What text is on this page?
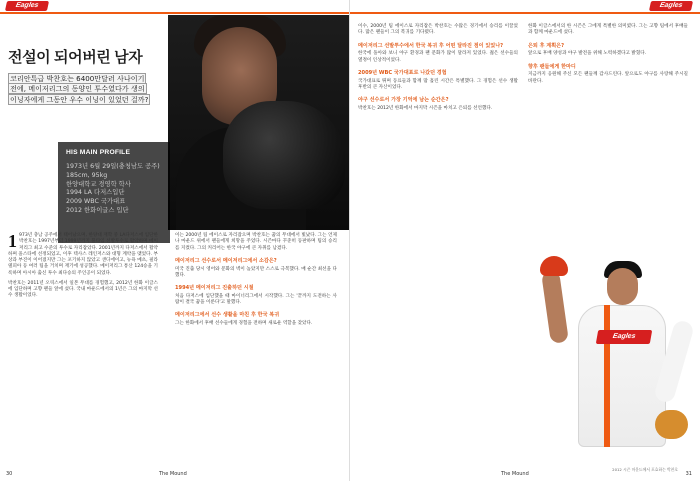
Eagles
전설이 되어버린 남자
코리안특급 박찬호는 6400만달러 사나이기
전에, 메이저리그의 동양인 투수였다가 생의
이닝자에게 그동안 우수 이닝이 있었던 걸까?
HIS MAIN PROFILE
1973년 6월 29일(충청남도 공주)
185cm, 95kg
한양대학교 경영학 학사
1994 LA 다저스입단
2009 WBC 국가대표
2012 한화이글스 입단

1 973년 충남 공주에서 태어났으며, 한양대 재학 중 LA다저스에 입단한 박찬호는 1997년부터 1999년까지 풀타임 선발투수로 활약하며 메이저리그 최고 수준의 투수로 자리잡았다. 2001년까지 다저스에서 활약하며 올스타에 선정되었고, 이후 텍사스 레인저스와 대형 계약을 맺었다. 부상과 부진이 이어졌지만 그는 포기하지 않았고 샌디에이고, 뉴욕 메츠, 필라델피아 등 여러 팀을 거치며 재기에 성공했다. 메이저리그 통산 124승을 기록하며 아시아 출신 투수 최다승의 주인공이 되었다.

박찬호는 2011년 오릭스에서 일본 무대를 경험했고, 2012년 한화 이글스에 입단하며 고향 팬들 앞에 섰다. 국내 마운드에서의 1년은 그의 마지막 선수 생활이었다.

이는 2000년 팀 에이스로 자리잡으며 박찬호는 꿈의 무대에서 빛났다. 그는 언제나 마운드 위에서 팬들에게 희망을 주었다. 시즌마다 꾸준히 등판하며 팀의 승리를 지켰다. 그의 커리어는 한국 야구에 큰 자취를 남겼다.

메이저리그 선수로서 메이저리그에서 소감은?

미국 진출 당시 영어와 문화의 벽이 높았지만 스스로 극복했다. 매 순간 최선을 다했다.

1994년 메이저리그 진출하던 시절

처음 다저스에 입단했을 때 마이너리그에서 시작했다. 그는 '끝까지 도전하는 사람이 결국 꿈을 이룬다'고 말했다.

메이저리그에서 선수 생활을 마친 후 한국 복귀

그는 한화에서 후배 선수들에게 경험을 전하며 새로운 역할을 찾았다.

30	The Mound
Eagles

이수, 2000년 팀 에이스로 자리잡은 박찬호는 수많은 경기에서 승리를 이끌었다. 많은 팬들이 그의 복귀를 기다렸다.

메이저리그 선발투수에서 한국 복귀 후 어떤 달라진 점이 있었나?

한국에 돌아와 보니 야구 환경과 팬 문화가 많이 달라져 있었다. 젊은 선수들의 열정이 인상적이었다.

2009년 WBC 국가대표로 나갔던 경험

국가대표로 뛰며 동료들과 함께 땀 흘린 시간은 특별했다. 그 경험은 선수 생활 후반의 큰 자산이었다.

야구 선수로서 가장 기억에 남는 순간은?

박찬호는 2012년 한화에서 마지막 시즌을 마치고 은퇴를 선언했다.

한화 이글스에서의 한 시즌은 그에게 특별한 의미였다. 그는 고향 팀에서 후배들과 함께 마운드에 섰다.

은퇴 후 계획은?

앞으로 후배 양성과 야구 발전을 위해 노력하겠다고 밝혔다.

향후 팬들에게 한마디

지금까지 응원해 주신 모든 팬들께 감사드린다. 앞으로도 야구를 사랑해 주시길 바란다.

Eagles
2012 시즌 마운드에서 포효하는 박찬호
The Mound	31
